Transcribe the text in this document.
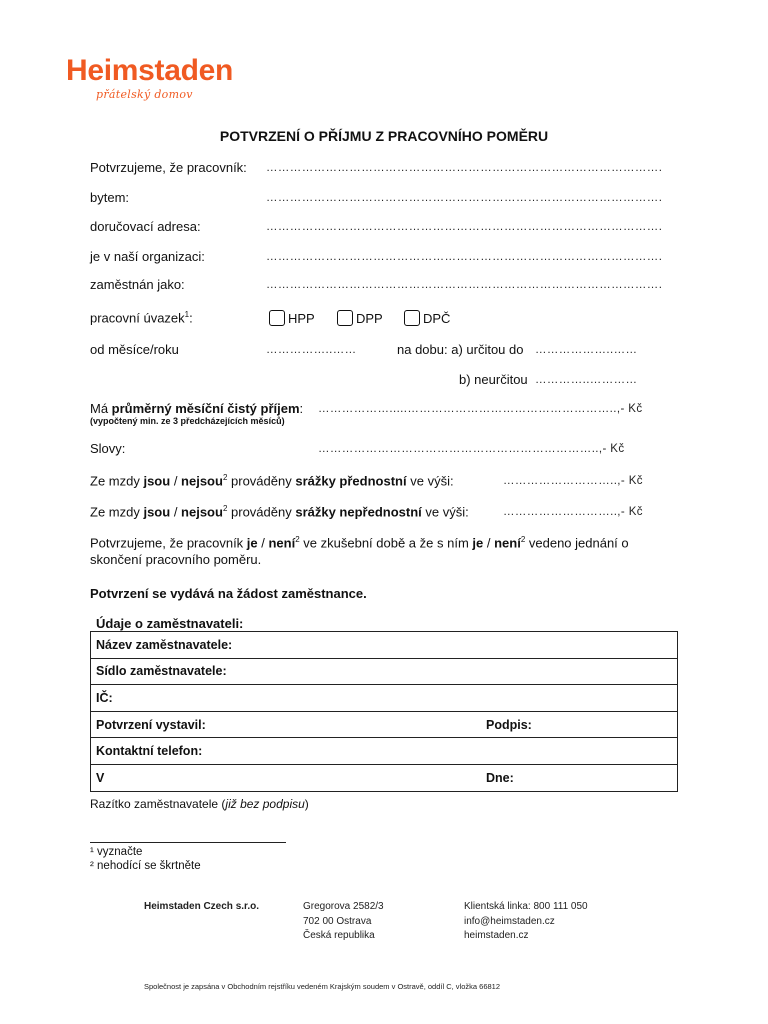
Heimstaden
přátelský domov
POTVRZENÍ O PŘÍJMU Z PRACOVNÍHO POMĚRU
Potvrzujeme, že pracovník: ……………………………………………………………………………………….
bytem:	……………………………………………………………………………………….
doručovací adresa:	……………………………………………………………………………………….
je v naší organizaci:	……………………………………………………………………………………….
zaměstnán jako:	……………………………………………………………………………………….
pracovní úvazek$^1$:	HPP	DPP	DPČ
od měsíce/roku	……………..……	na dobu: a) určitou do ………………..……
b) neurčitou …………..…………
Má průměrný měsíční čistý příjem: ……………….....……………………………………………..,- Kč
(vypočtený min. ze 3 předcházejících měsíců)
Slovy:	……………………………………………………………..,- Kč
Ze mzdy jsou / nejsou$^2$ prováděny srážky přednostní ve výši:	………………………..,- Kč
Ze mzdy jsou / nejsou$^2$ prováděny srážky nepřednostní ve výši:	………………………..,- Kč
Potvrzujeme, že pracovník je / není$^2$ ve zkušební době a že s ním je / není$^2$ vedeno jednání o
skončení pracovního poměru.
Potvrzení se vydává na žádost zaměstnance.
Údaje o zaměstnavateli:
Název zaměstnavatele:	
Sídlo zaměstnavatele:	
IČ:	
Potvrzení vystavil:	Podpis:
Kontaktní telefon:	
V	Dne:
Razítko zaměstnavatele (již bez podpisu)
¹ vyznačte
² nehodící se škrtněte
Heimstaden Czech s.r.o.	Gregorova 2582/3
702 00 Ostrava
Česká republika
Klientská linka: 800 111 050
info@heimstaden.cz
heimstaden.cz
Společnost je zapsána v Obchodním rejstříku vedeném Krajským soudem v Ostravě, oddíl C, vložka 66812
